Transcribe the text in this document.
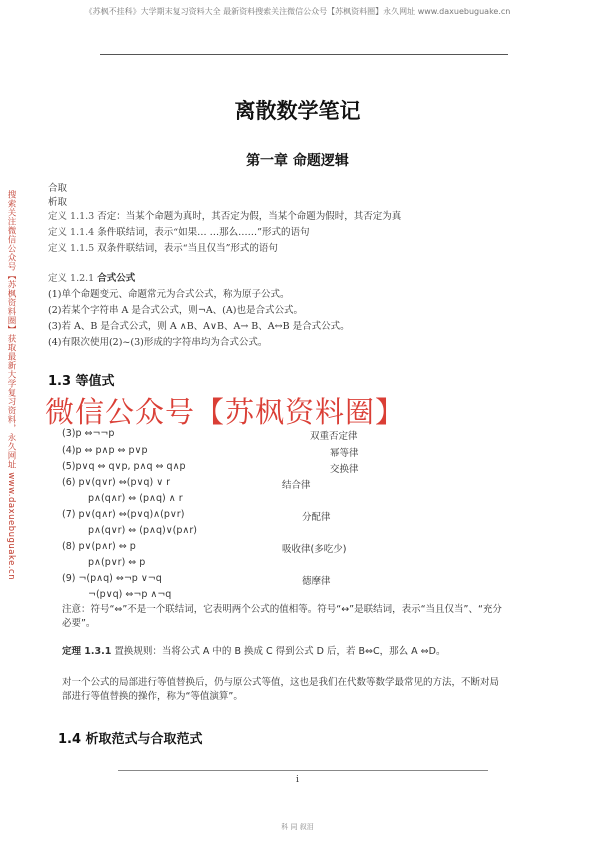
《苏枫不挂科》大学期末复习资料大全 最新资料搜索关注微信公众号【苏枫资料圈】永久网址 www.daxuebuguake.cn
离散数学笔记
第一章 命题逻辑
合取
析取
定义 1.1.3 否定：当某个命题为真时，其否定为假，当某个命题为假时，其否定为真
定义 1.1.4 条件联结词，表示“如果… …那么……”形式的语句
定义 1.1.5 双条件联结词，表示“当且仅当”形式的语句
定义 1.2.1 合式公式
(1)单个命题变元、命题常元为合式公式，称为原子公式。
(2)若某个字符串 A 是合式公式，则¬A、(A)也是合式公式。
(3)若 A、B 是合式公式，则 A ∧B、A∨B、A→ B、A↔B 是合式公式。
(4)有限次使用(2)~(3)形成的字符串均为合式公式。
1.3 等值式
搜索关注微信公众号【苏枫资料圈】获取最新大学复习资料，永久网址 www.daxuebuguake.cn	(3)p ⇔¬¬p	双重否定律
(4)p ⇔ p∧p ⇔ p∨p	幂等律
(5)p∨q ⇔ q∨p, p∧q ⇔ q∧p	交换律
(6) p∨(q∨r) ⇔(p∨q) ∨ r	结合律
p∧(q∧r) ⇔ (p∧q) ∧ r
(7) p∨(q∧r) ⇔(p∨q)∧(p∨r)	分配律
p∧(q∨r) ⇔ (p∧q)∨(p∧r)
(8) p∨(p∧r) ⇔ p	吸收律(多吃少)
p∧(p∨r) ⇔ p
(9) ¬(p∧q) ⇔¬p ∨¬q	德摩律
¬(p∨q) ⇔¬p ∧¬q
注意：符号“⇔”不是一个联结词，它表明两个公式的值相等。符号“↔”是联结词，表示“当且仅当”、“充分必要”。
定理 1.3.1 置换规则：当将公式 A 中的 B 换成 C 得到公式 D 后，若 B⇔C，那么 A ⇔D。
对一个公式的局部进行等值替换后，仍与原公式等值，这也是我们在代数等数学最常见的方法，不断对局部进行等值替换的操作，称为“等值演算”。
1.4 析取范式与合取范式
微信公众号【苏枫资料圈】
i
科 同 叙泪
